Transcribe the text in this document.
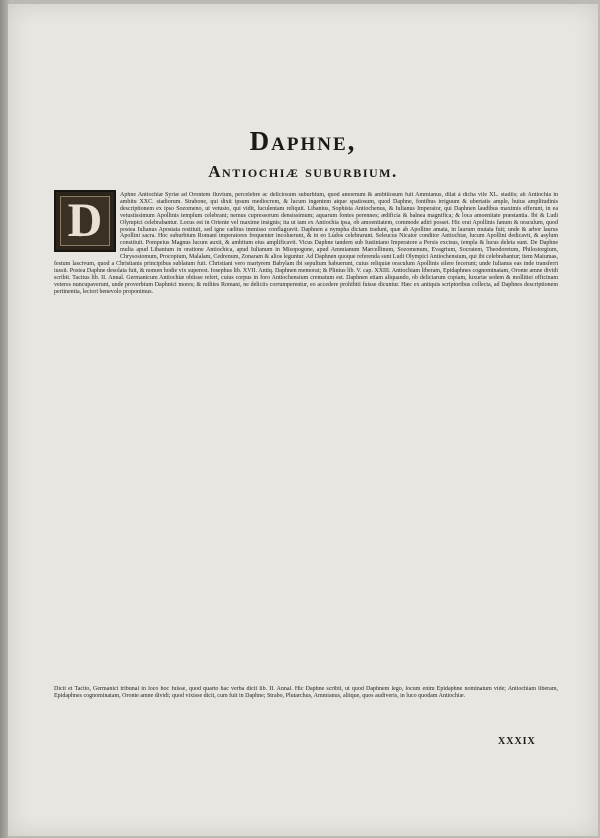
Daphne,
Antiochiæ suburbium.

Aphne Antiochiæ Syriæ ad Orontem fluvium, percelebre ac deliciosum suburbium, quod amoenum & ambitiosum fuit Ammianus, dilat à dicha vile XL. stadiis; ab Antiochia in ambitu XXC. stadiorum. Strabone, qui dixit ipsum mediocrem, & lucum ingentem atque spatiosum, quod Daphne, fontibus irriguum & ubertatis ample, huius amplitudinis descriptionem ex ipso Sozomeno, ut vetusto, qui vidit, luculentam reliquit. Libanius, Sophista Antiochenus, & Iulianus Imperator, qui Daphnen laudibus maximis efferunt, in ea vetustissimum Apollinis templum celebrant; nemus cupressorum densissimum; aquarum fontes perennes; ædificia & balnea magnifica; & loca amoenitate præstantia. Ibi & Ludi Olympici celebrabantur. Locus est in Oriente vel maxime insignis; ita ut iam ex Antiochia ipsa, ob amoenitatem, commode adiri posset. Hic erat Apollinis fanum & oraculum, quod postea Iulianus Apostata restituit, sed igne cælitus immisso conflagravit. Daphnen a nympha dictam tradunt, quæ ab Apolline amata, in laurum mutata fuit; unde & arbor laurus Apollini sacra. Hoc suburbium Romani imperatores frequenter incoluerunt, & in eo Ludos celebrarunt. Seleucus Nicator conditor Antiochiæ, lucum Apollini dedicavit, & asylum constituit. Pompeius Magnus lucum auxit, & ambitum eius amplificavit. Vicus Daphne tandem sub Iustiniano Imperatore a Persis excisus, templa & lucus deleta sunt. De Daphne multa apud Libanium in oratione Antiochica, apud Iulianum in Misopogone, apud Ammianum Marcellinum, Sozomenum, Evagrium, Socratem, Theodoretum, Philostorgium, Chrysostomum, Procopium, Malalam, Cedrenum, Zonaram & alios leguntur. Ad Daphnen quoque referenda sunt Ludi Olympici Antiochensium, qui ibi celebrabantur; item Maiumas, festum lascivum, quod a Christianis principibus sublatum fuit. Christiani vero martyrem Babylam ibi sepultum habuerunt, cuius reliquiæ oraculum Apollinis silere fecerunt; unde Iulianus eas inde transferri iussit. Postea Daphne desolata fuit, & nomen hodie vix superest. Iosephus lib. XVII. Antiq. Daphnen memorat; & Plinius lib. V. cap. XXIII. Antiochiam liberam, Epidaphnes cognominatam, Oronte amne dividi scribit. Tacitus lib. II. Annal. Germanicum Antiochiæ obiisse refert, cuius corpus in foro Antiochensium crematum est. Daphnen etiam aliquando, ob deliciarum copiam, luxuriæ sedem & mollitiei officinam veteres nuncupaverunt, unde proverbium Daphnici mores; & milites Romani, ne deliciis corrumperentur, eo accedere prohibiti fuisse dicuntur. Hæc ex antiquis scriptoribus collecta, ad Daphnes descriptionem pertinentia, lectori benevolo proponimus.

D

Dicit et Tacito, Germanici tribunal in loco hoc fuisse, quod quarto hac verba dicit lib. II. Annal. Hic Daphne scribit, ut quod Daphnem lego, locum enim Epidaphne nominatum vide; Antiochiam liberam, Epidaphnes cognominatam, Oronte amne dividi; quod vixisse dicit, cum fuit in Daphne; Strabo, Plutarchus, Ammianus, aliique, quos audiveris, in luco quodam Antiochiæ.

XXXIX
